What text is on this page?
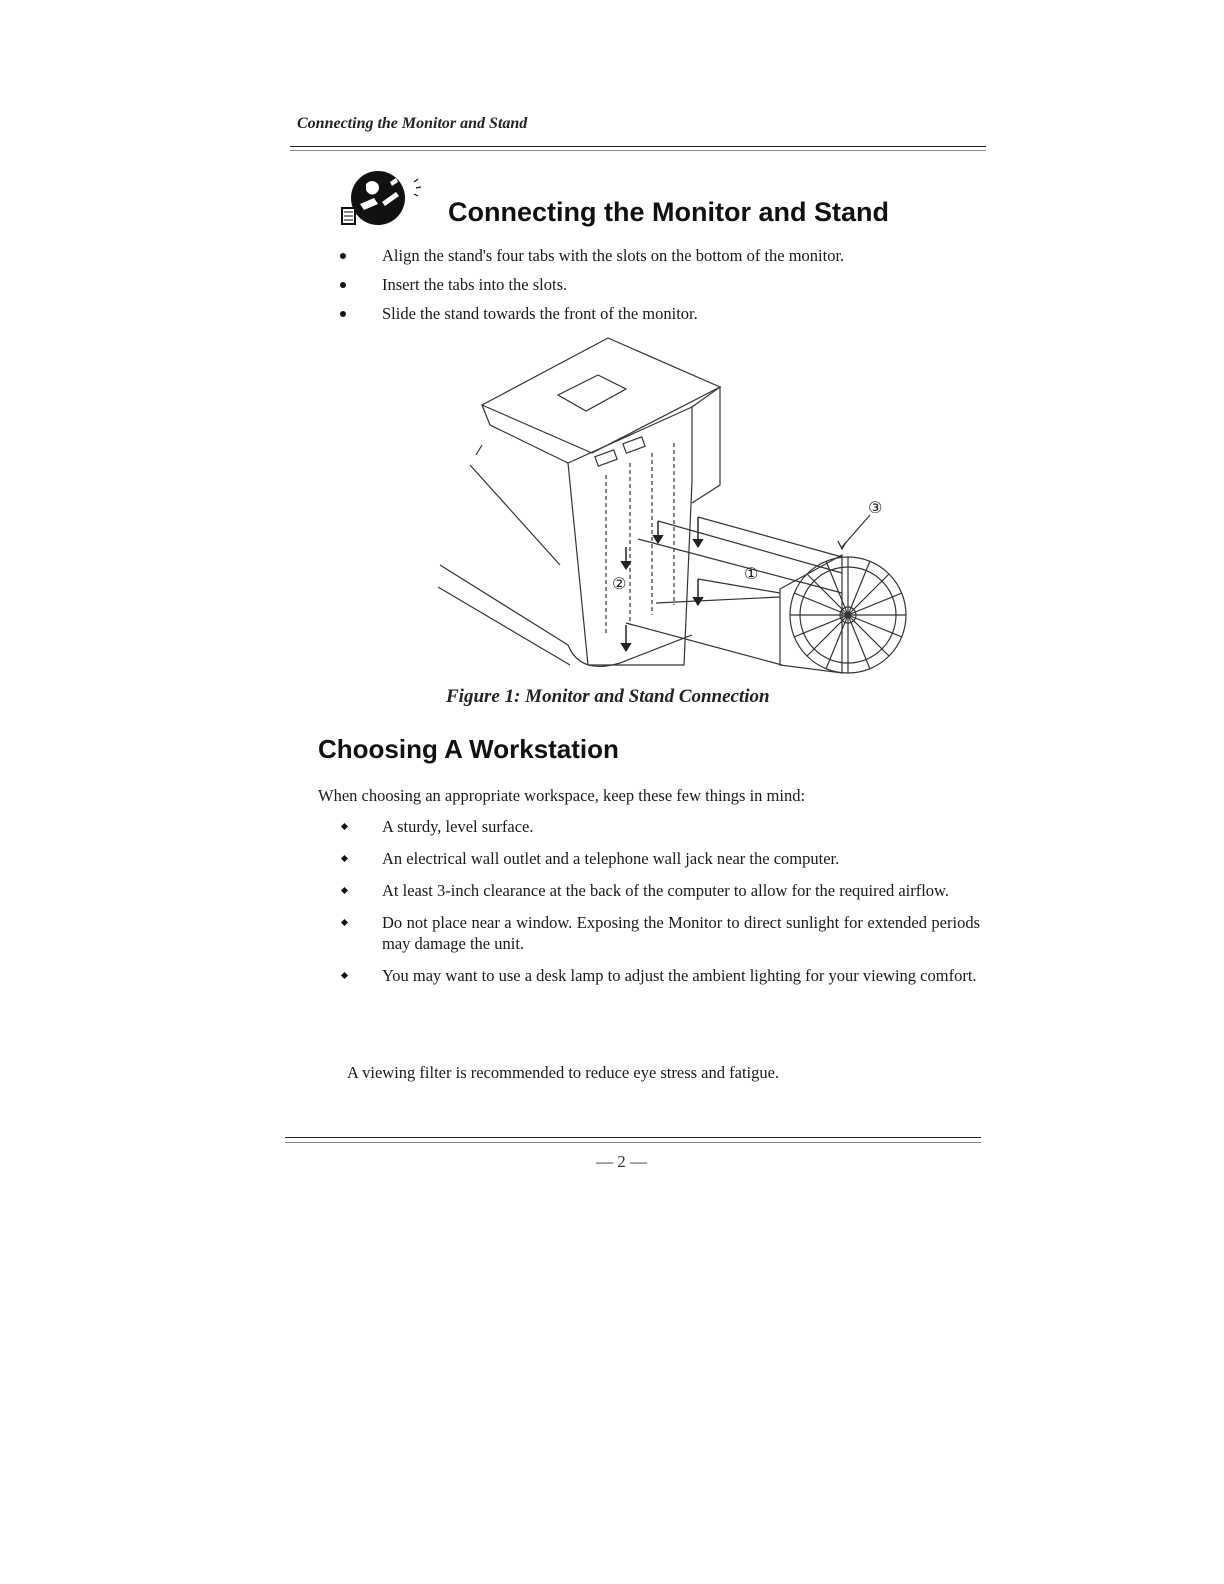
Connecting the Monitor and Stand
Connecting the Monitor and Stand
Align the stand's four tabs with the slots on the bottom of the monitor.
Insert the tabs into the slots.
Slide the stand towards the front of the monitor.
③
①
②
Figure 1: Monitor and Stand Connection
Choosing A Workstation
When choosing an appropriate workspace, keep these few things in mind:
A sturdy, level surface.
An electrical wall outlet and a telephone wall jack near the computer.
At least 3-inch clearance at the back of the computer to allow for the required airflow.
Do not place near a window. Exposing the Monitor to direct sunlight for extended periods may damage the unit.
You may want to use a desk lamp to adjust the ambient lighting for your viewing comfort.
A viewing filter is recommended to reduce eye stress and fatigue.
— 2 —
